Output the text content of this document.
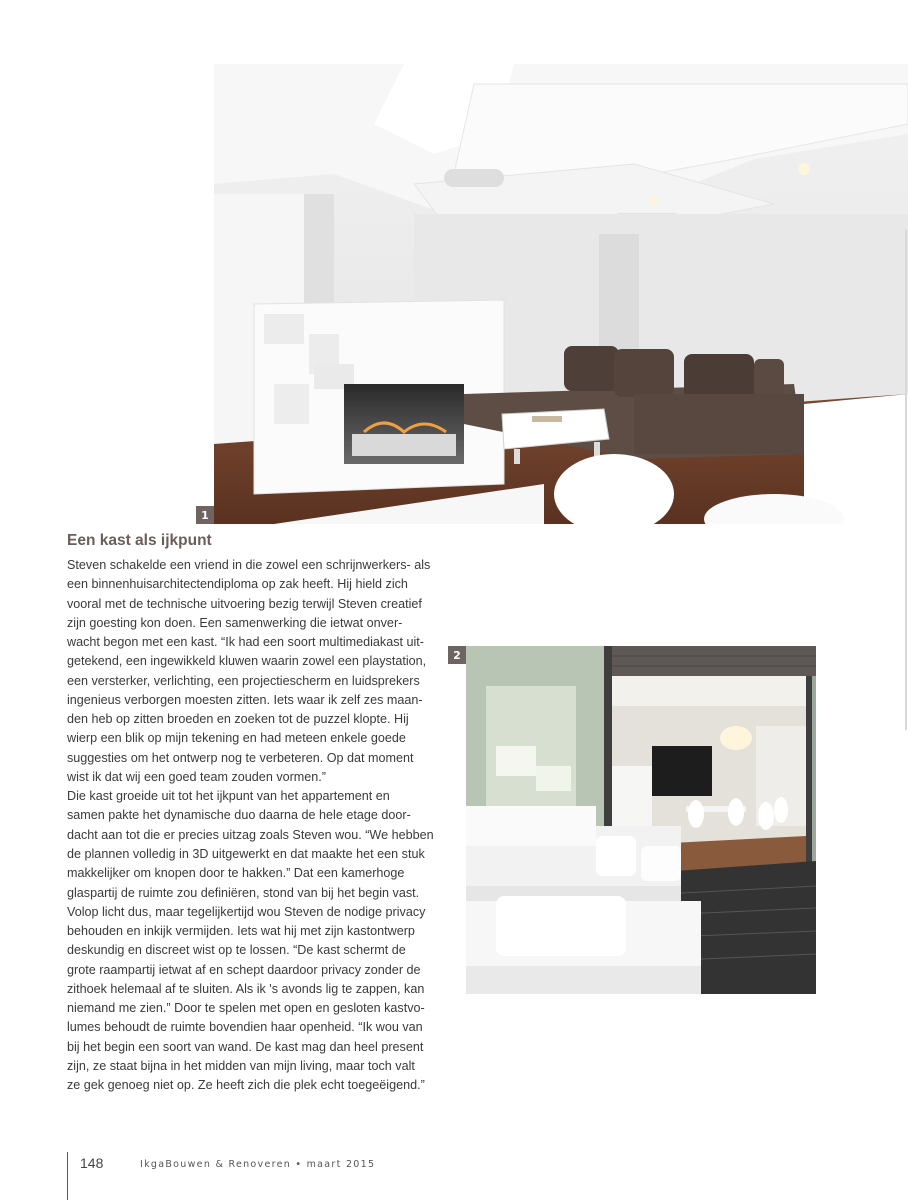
1
Een kast als ijkpunt
Steven schakelde een vriend in die zowel een schrijnwerkers- als
een binnenhuisarchitectendiploma op zak heeft. Hij hield zich
vooral met de technische uitvoering bezig terwijl Steven creatief
zijn goesting kon doen. Een samenwerking die ietwat onver-
wacht begon met een kast. “Ik had een soort multimediakast uit-
getekend, een ingewikkeld kluwen waarin zowel een playstation,
een versterker, verlichting, een projectiescherm en luidsprekers
ingenieus verborgen moesten zitten. Iets waar ik zelf zes maan-
den heb op zitten broeden en zoeken tot de puzzel klopte. Hij
wierp een blik op mijn tekening en had meteen enkele goede
suggesties om het ontwerp nog te verbeteren. Op dat moment
wist ik dat wij een goed team zouden vormen.”
Die kast groeide uit tot het ijkpunt van het appartement en
samen pakte het dynamische duo daarna de hele etage door-
dacht aan tot die er precies uitzag zoals Steven wou. “We hebben
de plannen volledig in 3D uitgewerkt en dat maakte het een stuk
makkelijker om knopen door te hakken.” Dat een kamerhoge
glaspartij de ruimte zou definiëren, stond van bij het begin vast.
Volop licht dus, maar tegelijkertijd wou Steven de nodige privacy
behouden en inkijk vermijden. Iets wat hij met zijn kastontwerp
deskundig en discreet wist op te lossen. “De kast schermt de
grote raampartij ietwat af en schept daardoor privacy zonder de
zithoek helemaal af te sluiten. Als ik 's avonds lig te zappen, kan
niemand me zien.” Door te spelen met open en gesloten kastvo-
lumes behoudt de ruimte bovendien haar openheid. “Ik wou van
bij het begin een soort van wand. De kast mag dan heel present
zijn, ze staat bijna in het midden van mijn living, maar toch valt
ze gek genoeg niet op. Ze heeft zich die plek echt toegeëigend.”
2
148	IkgaBouwen & Renoveren • maart 2015
